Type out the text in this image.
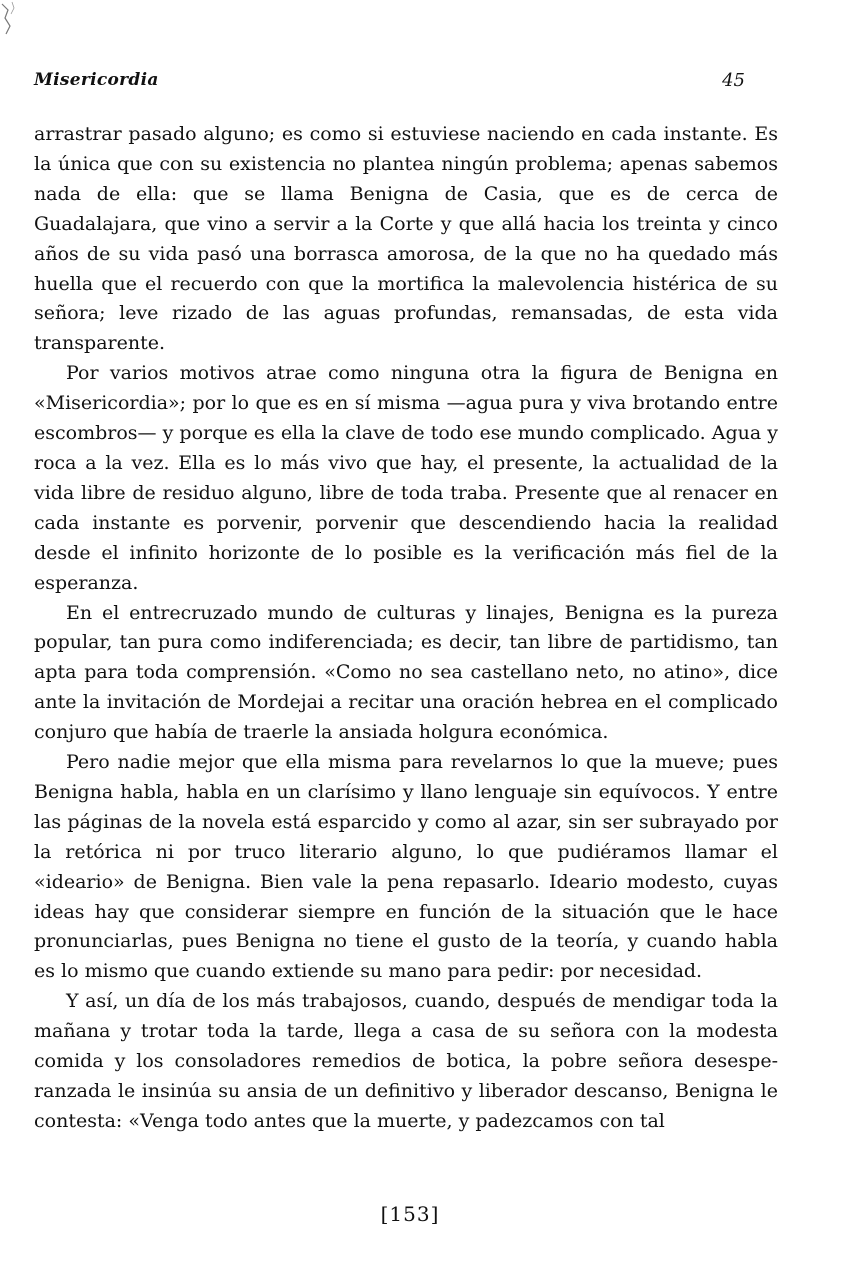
Misericordia	45

arrastrar pasado alguno; es como si estuviese naciendo en cada instante. Es la única que con su existencia no plantea ningún problema; apenas sabemos nada de ella: que se llama Benigna de Casia, que es de cerca de Guadalajara, que vino a servir a la Corte y que allá hacia los treinta y cinco años de su vida pasó una borrasca amorosa, de la que no ha quedado más huella que el recuerdo con que la mortifica la malevolencia histérica de su señora; leve rizado de las aguas profundas, remansadas, de esta vida transparente.

Por varios motivos atrae como ninguna otra la figura de Benigna en «Misericordia»; por lo que es en sí misma —agua pura y viva brotando entre escombros— y porque es ella la clave de todo ese mundo complicado. Agua y roca a la vez. Ella es lo más vivo que hay, el presente, la actualidad de la vida libre de residuo alguno, libre de toda traba. Presente que al renacer en cada instante es porvenir, porvenir que descendiendo hacia la realidad desde el infinito horizonte de lo posible es la verificación más fiel de la esperanza.

En el entrecruzado mundo de culturas y linajes, Benigna es la pureza popular, tan pura como indiferenciada; es decir, tan libre de partidismo, tan apta para toda comprensión. «Como no sea castellano neto, no atino», dice ante la invitación de Mordejai a recitar una oración hebrea en el complicado conjuro que había de traerle la ansiada holgura económica.

Pero nadie mejor que ella misma para revelarnos lo que la mueve; pues Benigna habla, habla en un clarísimo y llano lenguaje sin equívocos. Y entre las páginas de la novela está esparcido y como al azar, sin ser subrayado por la retórica ni por truco literario alguno, lo que pudiéramos llamar el «ideario» de Benigna. Bien vale la pena repasarlo. Ideario modesto, cuyas ideas hay que considerar siempre en función de la situación que le hace pronunciarlas, pues Benigna no tiene el gusto de la teoría, y cuando habla es lo mismo que cuando extiende su mano para pedir: por necesidad.

Y así, un día de los más trabajosos, cuando, después de mendigar toda la mañana y trotar toda la tarde, llega a casa de su señora con la modesta comida y los consoladores remedios de botica, la pobre señora desesperanzada le insinúa su ansia de un definitivo y liberador descanso, Benigna le contesta: «Venga todo antes que la muerte, y padezcamos con tal

[153]
